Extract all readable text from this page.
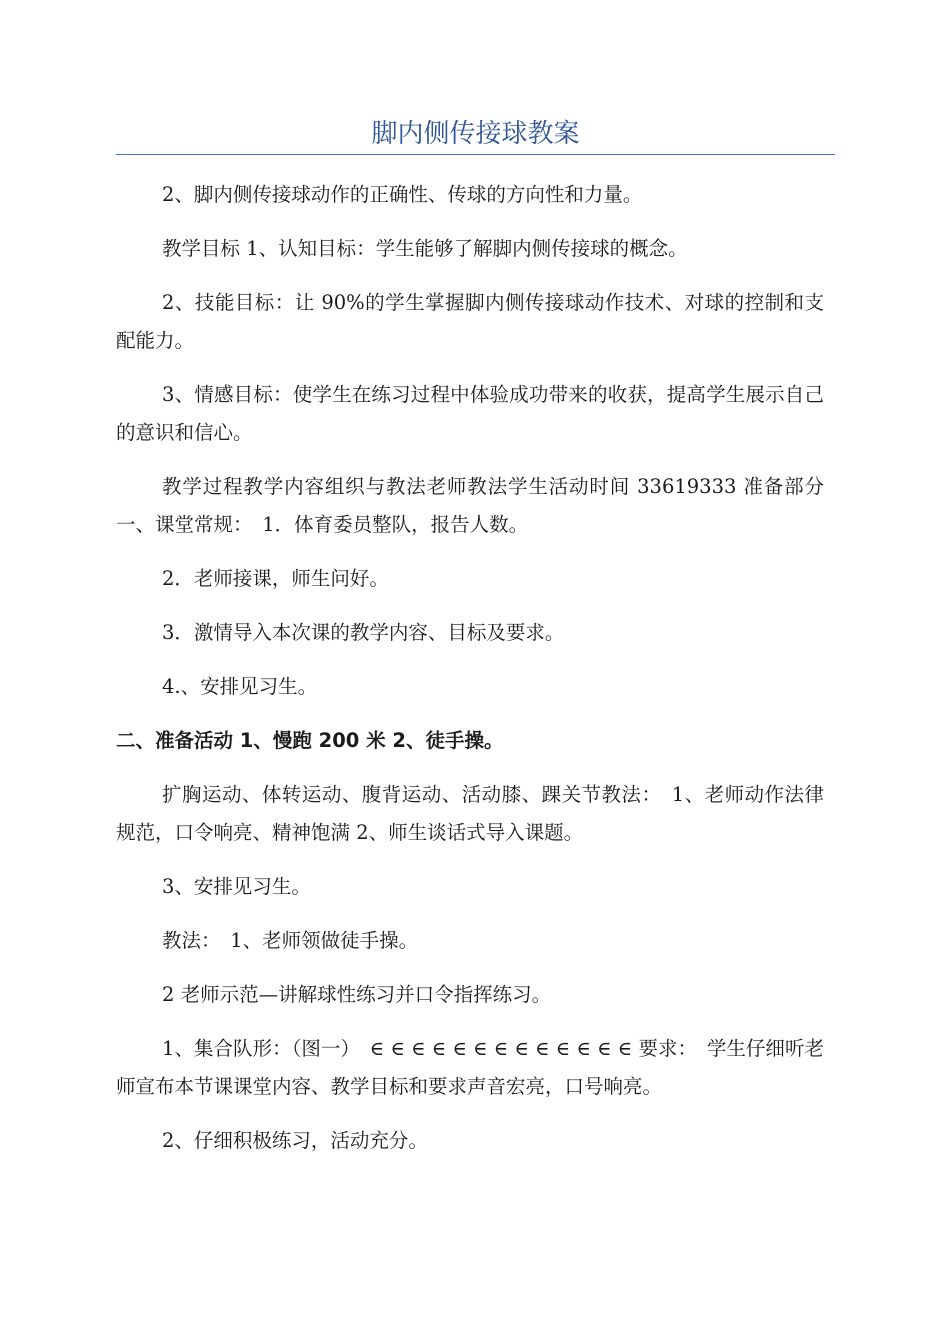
脚内侧传接球教案

2、脚内侧传接球动作的正确性、传球的方向性和力量。

教学目标 1、认知目标：学生能够了解脚内侧传接球的概念。

2、技能目标：让 90%的学生掌握脚内侧传接球动作技术、对球的控制和支配能力。

3、情感目标：使学生在练习过程中体验成功带来的收获，提高学生展示自己的意识和信心。

教学过程教学内容组织与教法老师教法学生活动时间 33619333 准备部分一、课堂常规：　1．体育委员整队，报告人数。

2．老师接课，师生问好。

3．激情导入本次课的教学内容、目标及要求。

4.、安排见习生。

二、准备活动 1、慢跑 200 米 2、徒手操。

扩胸运动、体转运动、腹背运动、活动膝、踝关节教法：　1、老师动作法律规范，口令响亮、精神饱满 2、师生谈话式导入课题。

3、安排见习生。

教法：　1、老师领做徒手操。

2 老师示范—讲解球性练习并口令指挥练习。

1、集合队形：（图一）　∈ ∈ ∈ ∈ ∈ ∈ ∈ ∈ ∈ ∈ ∈ ∈ ∈ 要求：　学生仔细听老师宣布本节课课堂内容、教学目标和要求声音宏亮，口号响亮。

2、仔细积极练习，活动充分。
